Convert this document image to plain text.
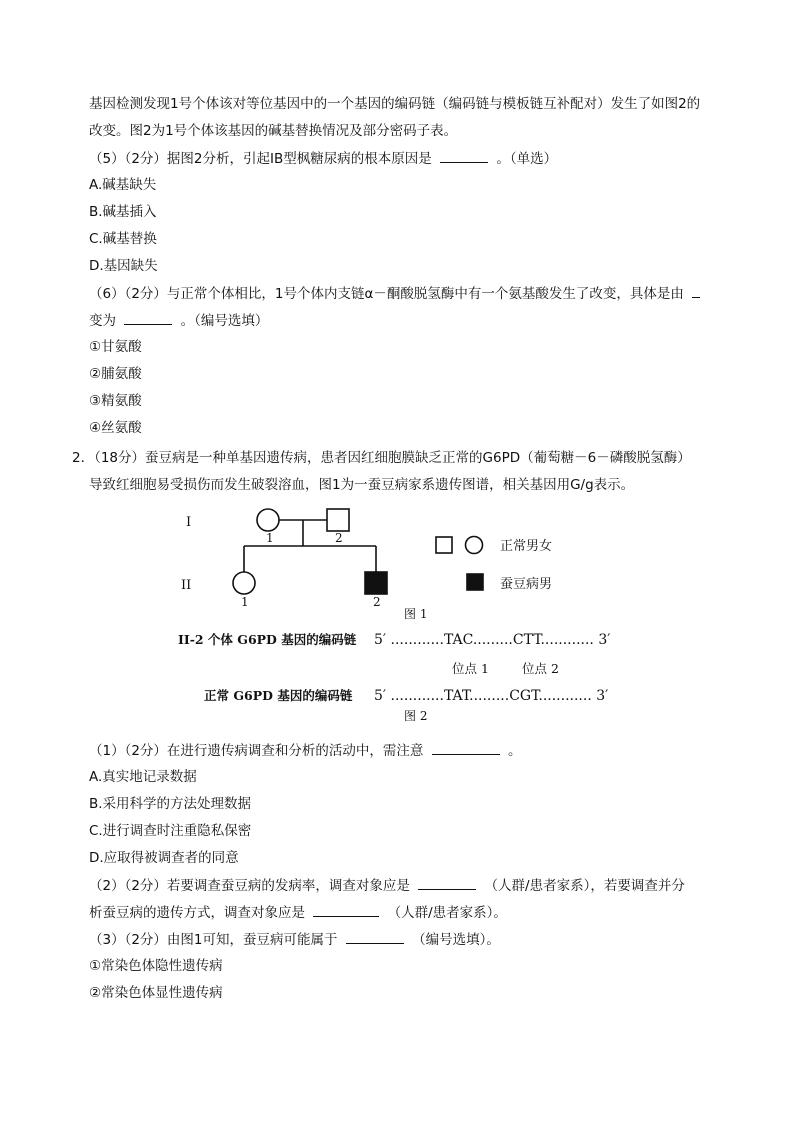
基因检测发现1号个体该对等位基因中的一个基因的编码链（编码链与模板链互补配对）发生了如图2的
改变。图2为1号个体该基因的碱基替换情况及部分密码子表。
（5）（2分）据图2分析，引起IB型枫糖尿病的根本原因是	。（单选）
A.碱基缺失
B.碱基插入
C.碱基替换
D.基因缺失
（6）（2分）与正常个体相比，1号个体内支链α－酮酸脱氢酶中有一个氨基酸发生了改变，具体是由
变为	。（编号选填）
①甘氨酸
②脯氨酸
③精氨酸
④丝氨酸
2．（18分）蚕豆病是一种单基因遗传病，患者因红细胞膜缺乏正常的G6PD（葡萄糖－6－磷酸脱氢酶）
导致红细胞易受损伤而发生破裂溶血，图1为一蚕豆病家系遗传图谱，相关基因用G/g表示。
I
II
1	2
1	2
正常男女
蚕豆病男
图 1
II-2 个体 G6PD 基因的编码链 5′ ............TAC.........CTT............ 3′
位点 1	位点 2
正常 G6PD 基因的编码链 5′ ............TAT.........CGT............ 3′
图 2
（1）（2分）在进行遗传病调查和分析的活动中，需注意	。
A.真实地记录数据
B.采用科学的方法处理数据
C.进行调查时注重隐私保密
D.应取得被调查者的同意
（2）（2分）若要调查蚕豆病的发病率，调查对象应是	（人群/患者家系），若要调查并分
析蚕豆病的遗传方式，调查对象应是	（人群/患者家系）。
（3）（2分）由图1可知，蚕豆病可能属于	（编号选填）。
①常染色体隐性遗传病
②常染色体显性遗传病
